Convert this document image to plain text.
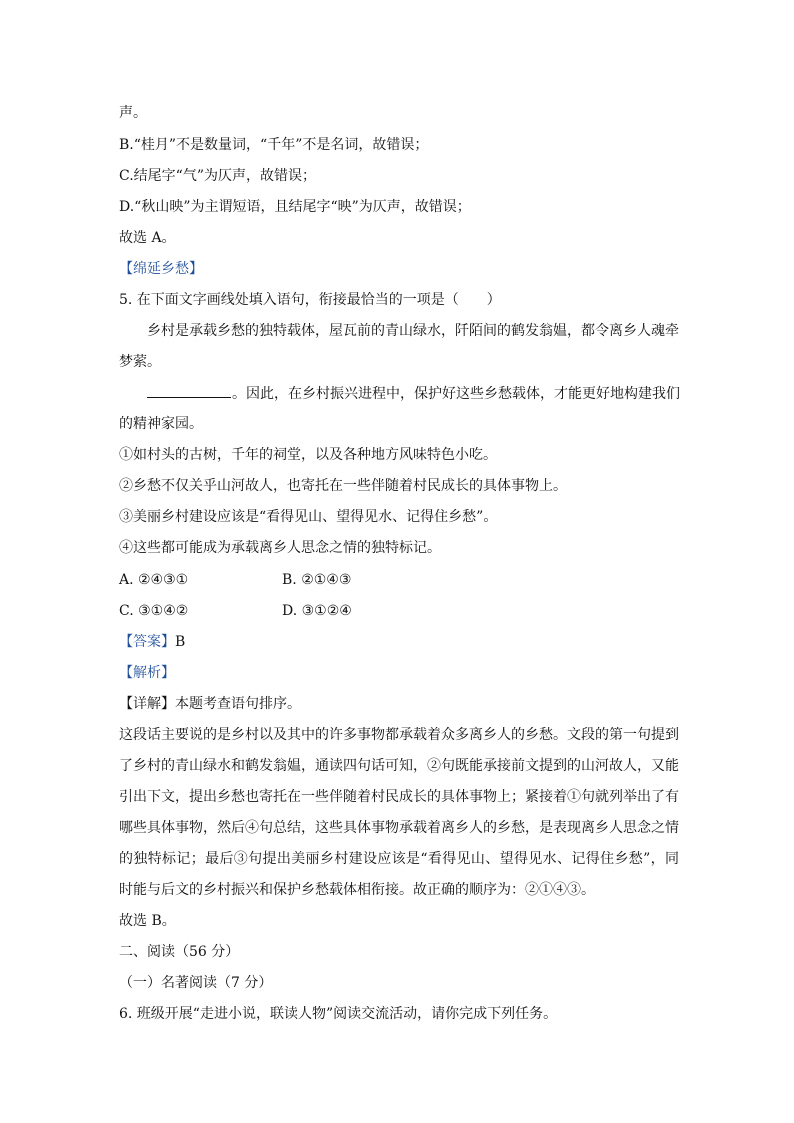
声。
B.“桂月”不是数量词，“千年”不是名词，故错误；
C.结尾字“气”为仄声，故错误；
D.“秋山映”为主谓短语，且结尾字“映”为仄声，故错误；
故选 A。
【绵延乡愁】
5. 在下面文字画线处填入语句，衔接最恰当的一项是（　　）
乡村是承载乡愁的独特载体，屋瓦前的青山绿水，阡陌间的鹤发翁媪，都令离乡人魂牵
梦萦。
。因此，在乡村振兴进程中，保护好这些乡愁载体，才能更好地构建我们
的精神家园。
①如村头的古树，千年的祠堂，以及各种地方风味特色小吃。
②乡愁不仅关乎山河故人，也寄托在一些伴随着村民成长的具体事物上。
③美丽乡村建设应该是“看得见山、望得见水、记得住乡愁”。
④这些都可能成为承载离乡人思念之情的独特标记。
A. ②④③①	B. ②①④③
C. ③①④②	D. ③①②④
【答案】B
【解析】
【详解】本题考查语句排序。
这段话主要说的是乡村以及其中的许多事物都承载着众多离乡人的乡愁。文段的第一句提到
了乡村的青山绿水和鹤发翁媪，通读四句话可知，②句既能承接前文提到的山河故人，又能
引出下文，提出乡愁也寄托在一些伴随着村民成长的具体事物上；紧接着①句就列举出了有
哪些具体事物，然后④句总结，这些具体事物承载着离乡人的乡愁，是表现离乡人思念之情
的独特标记；最后③句提出美丽乡村建设应该是“看得见山、望得见水、记得住乡愁”，同
时能与后文的乡村振兴和保护乡愁载体相衔接。故正确的顺序为：②①④③。
故选 B。
二、阅读（56 分）
（一）名著阅读（7 分）
6. 班级开展“走进小说，联读人物”阅读交流活动，请你完成下列任务。
